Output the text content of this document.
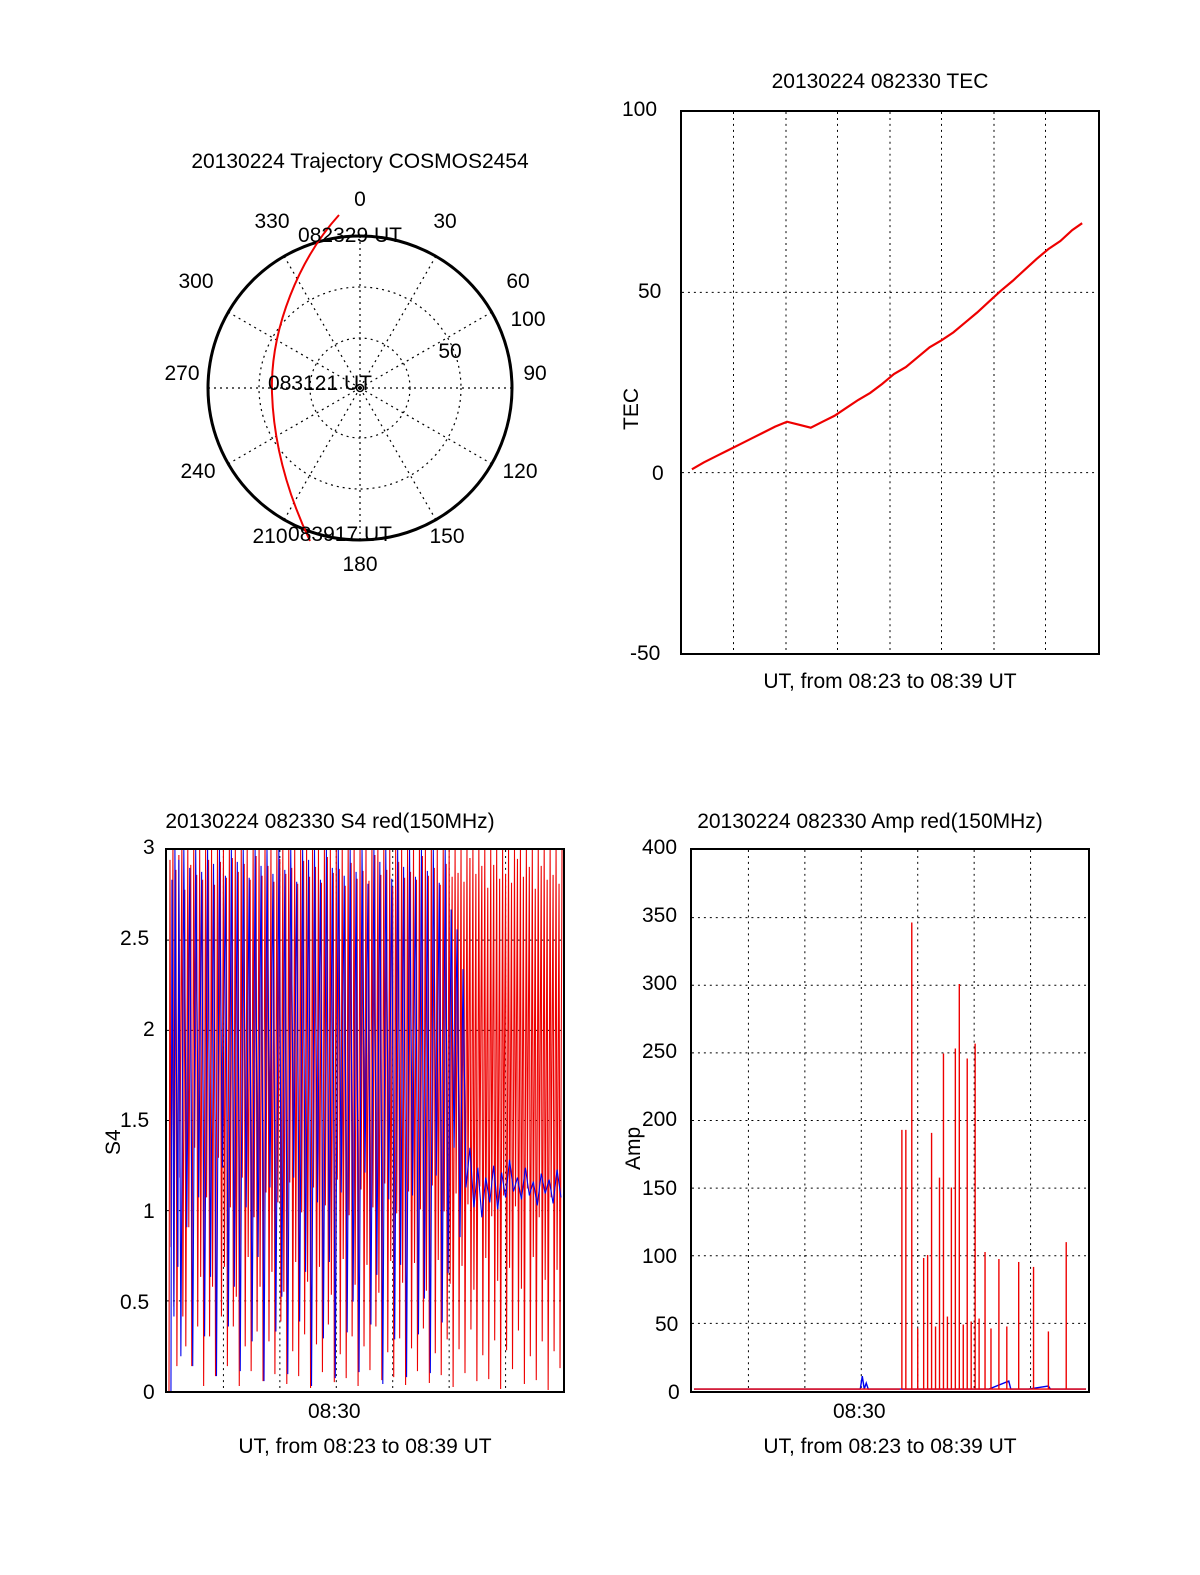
20130224 Trajectory COSMOS2454
0
30
60
90
120
150
180
210
240
270
300
330
50
100
082329 UT
083121 UT
083917 UT
20130224 082330 TEC
100
50
0
-50
TEC
UT, from 08:23 to 08:39 UT
20130224 082330 S4 red(150MHz)
3
2.5
2
1.5
1
0.5
0
08:30
S4
UT, from 08:23 to 08:39 UT
20130224 082330 Amp red(150MHz)
400
350
300
250
200
150
100
50
0
08:30
Amp
UT, from 08:23 to 08:39 UT
